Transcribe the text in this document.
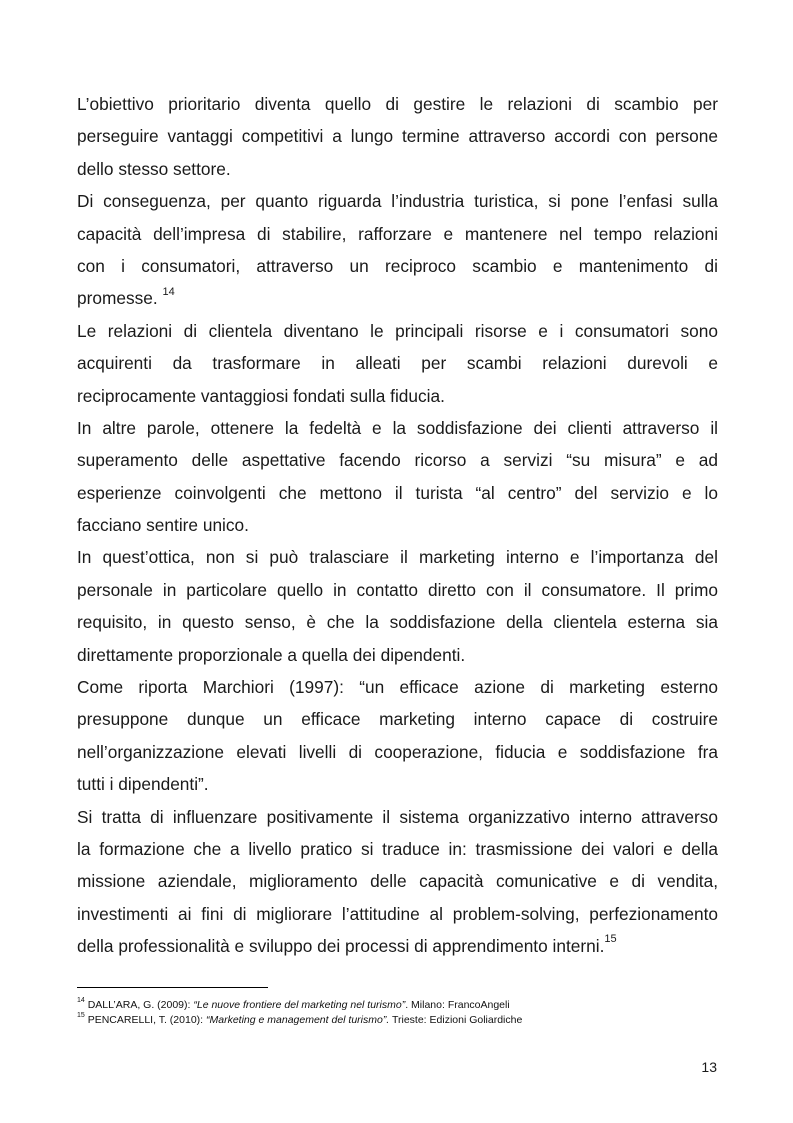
L’obiettivo prioritario diventa quello di gestire le relazioni di scambio per
perseguire vantaggi competitivi a lungo termine attraverso accordi con persone
dello stesso settore.
Di conseguenza, per quanto riguarda l’industria turistica, si pone l’enfasi sulla
capacità dell’impresa di stabilire, rafforzare e mantenere nel tempo relazioni
con i consumatori, attraverso un reciproco scambio e mantenimento di
promesse. $^{14}$
Le relazioni di clientela diventano le principali risorse e i consumatori sono
acquirenti da trasformare in alleati per scambi relazioni durevoli e
reciprocamente vantaggiosi fondati sulla fiducia.
In altre parole, ottenere la fedeltà e la soddisfazione dei clienti attraverso il
superamento delle aspettative facendo ricorso a servizi “su misura” e ad
esperienze coinvolgenti che mettono il turista “al centro” del servizio e lo
facciano sentire unico.
In quest’ottica, non si può tralasciare il marketing interno e l’importanza del
personale in particolare quello in contatto diretto con il consumatore. Il primo
requisito, in questo senso, è che la soddisfazione della clientela esterna sia
direttamente proporzionale a quella dei dipendenti.
Come riporta Marchiori (1997): “un efficace azione di marketing esterno
presuppone dunque un efficace marketing interno capace di costruire
nell’organizzazione elevati livelli di cooperazione, fiducia e soddisfazione fra
tutti i dipendenti”.
Si tratta di influenzare positivamente il sistema organizzativo interno attraverso
la formazione che a livello pratico si traduce in: trasmissione dei valori e della
missione aziendale, miglioramento delle capacità comunicative e di vendita,
investimenti ai fini di migliorare l’attitudine al problem-solving, perfezionamento
della professionalità e sviluppo dei processi di apprendimento interni.$^{15}$
$^{14}$ DALL’ARA, G. (2009): “Le nuove frontiere del marketing nel turismo”. Milano: FrancoAngeli
$^{15}$ PENCARELLI, T. (2010): “Marketing e management del turismo”. Trieste: Edizioni Goliardiche
13
